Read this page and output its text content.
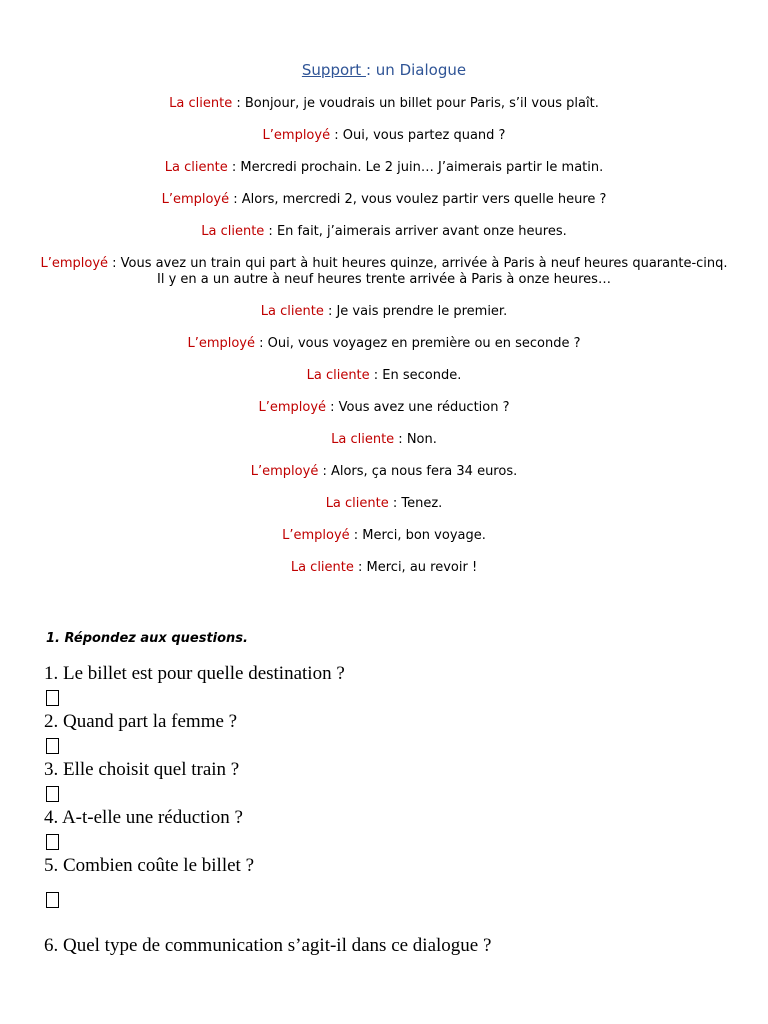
Support : un Dialogue

La cliente : Bonjour, je voudrais un billet pour Paris, s’il vous plaît.

L’employé : Oui, vous partez quand ?

La cliente : Mercredi prochain. Le 2 juin… J’aimerais partir le matin.

L’employé : Alors, mercredi 2, vous voulez partir vers quelle heure ?

La cliente : En fait, j’aimerais arriver avant onze heures.

L’employé : Vous avez un train qui part à huit heures quinze, arrivée à Paris à neuf heures quarante-cinq. Il y en a un autre à neuf heures trente arrivée à Paris à onze heures…

La cliente : Je vais prendre le premier.

L’employé : Oui, vous voyagez en première ou en seconde ?

La cliente : En seconde.

L’employé : Vous avez une réduction ?

La cliente : Non.

L’employé : Alors, ça nous fera 34 euros.

La cliente : Tenez.

L’employé : Merci, bon voyage.

La cliente : Merci, au revoir !

1. Répondez aux questions.
1. Le billet est pour quelle destination ?
2. Quand part la femme ?
3. Elle choisit quel train ?
4. A-t-elle une réduction ?
5. Combien coûte le billet ?
6. Quel type de communication s’agit-il dans ce dialogue ?
